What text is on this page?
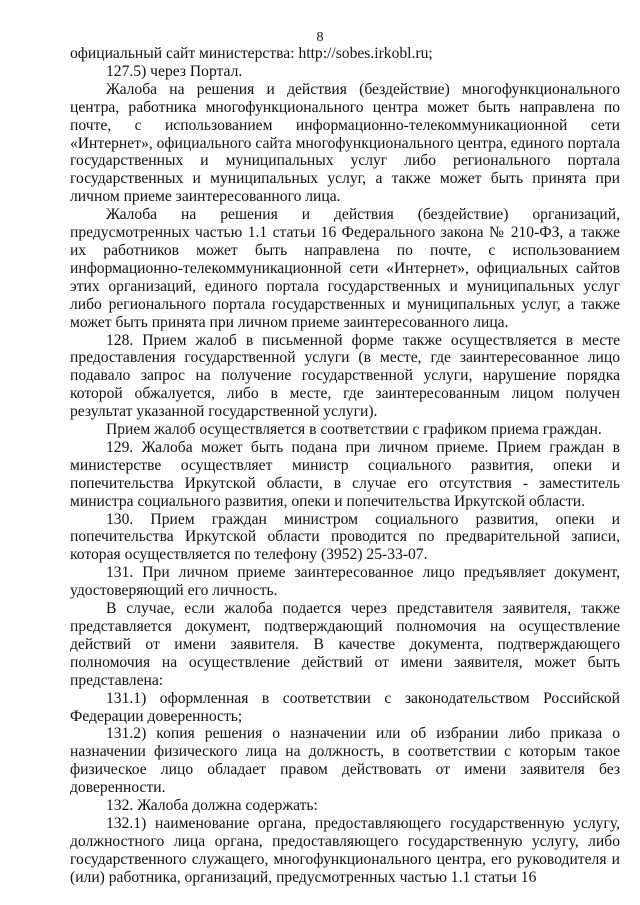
8

официальный сайт министерства: http://sobes.irkobl.ru;

127.5) через Портал.

Жалоба на решения и действия (бездействие) многофункционального центра, работника многофункционального центра может быть направлена по почте, с использованием информационно-телекоммуникационной сети «Интернет», официального сайта многофункционального центра, единого портала государственных и муниципальных услуг либо регионального портала государственных и муниципальных услуг, а также может быть принята при личном приеме заинтересованного лица.

Жалоба на решения и действия (бездействие) организаций, предусмотренных частью 1.1 статьи 16 Федерального закона № 210-ФЗ, а также их работников может быть направлена по почте, с использованием информационно-телекоммуникационной сети «Интернет», официальных сайтов этих организаций, единого портала государственных и муниципальных услуг либо регионального портала государственных и муниципальных услуг, а также может быть принята при личном приеме заинтересованного лица.

128. Прием жалоб в письменной форме также осуществляется в месте предоставления государственной услуги (в месте, где заинтересованное лицо подавало запрос на получение государственной услуги, нарушение порядка которой обжалуется, либо в месте, где заинтересованным лицом получен результат указанной государственной услуги).

Прием жалоб осуществляется в соответствии с графиком приема граждан.

129. Жалоба может быть подана при личном приеме. Прием граждан в министерстве осуществляет министр социального развития, опеки и попечительства Иркутской области, в случае его отсутствия - заместитель министра социального развития, опеки и попечительства Иркутской области.

130. Прием граждан министром социального развития, опеки и попечительства Иркутской области проводится по предварительной записи, которая осуществляется по телефону (3952) 25-33-07.

131. При личном приеме заинтересованное лицо предъявляет документ, удостоверяющий его личность.

В случае, если жалоба подается через представителя заявителя, также представляется документ, подтверждающий полномочия на осуществление действий от имени заявителя. В качестве документа, подтверждающего полномочия на осуществление действий от имени заявителя, может быть представлена:

131.1) оформленная в соответствии с законодательством Российской Федерации доверенность;

131.2) копия решения о назначении или об избрании либо приказа о назначении физического лица на должность, в соответствии с которым такое физическое лицо обладает правом действовать от имени заявителя без доверенности.

132. Жалоба должна содержать:

132.1) наименование органа, предоставляющего государственную услугу, должностного лица органа, предоставляющего государственную услугу, либо государственного служащего, многофункционального центра, его руководителя и (или) работника, организаций, предусмотренных частью 1.1 статьи 16
